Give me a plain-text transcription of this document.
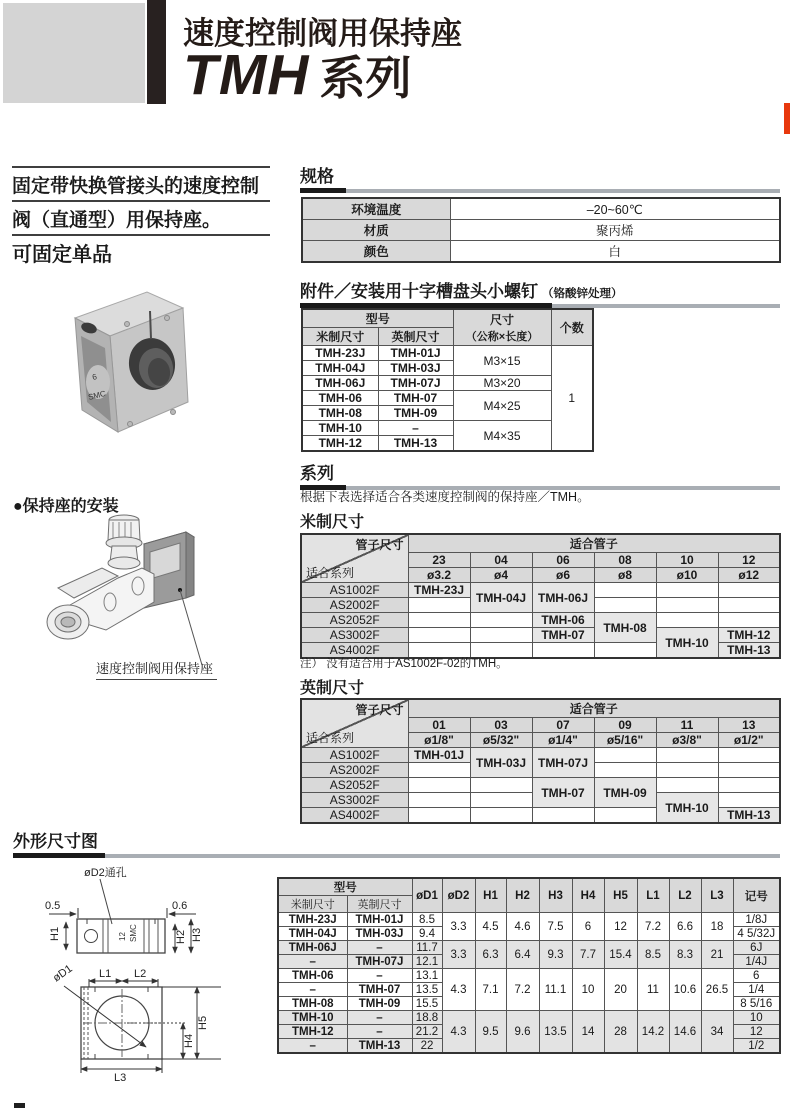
速度控制阀用保持座
TMH 系列
固定带快换管接头的速度控制
阀（直通型）用保持座。
可固定单品
6
SMC
●保持座的安装
速度控制阀用保持座
规格
环境温度	–20~60℃
材质	聚丙烯
颜色	白
附件／安装用十字槽盘头小螺钉 （铬酸锌处理）
型号		尺寸
（公称×长度）	个数
米制尺寸	英制尺寸		
TMH-23J	TMH-01J	M3×15	1
TMH-04J	TMH-03J		
TMH-06J	TMH-07J	M3×20	
TMH-06	TMH-07	M4×25	
TMH-08	TMH-09		
TMH-10	–	M4×35	
TMH-12	TMH-13		
系列
根据下表选择适合各类速度控制阀的保持座／TMH。
米制尺寸
管子尺寸
适合系列	适合管子					
	23	04	06	08	10	12
	ø3.2	ø4	ø6	ø8	ø10	ø12
AS1002F	TMH-23J	TMH-04J	TMH-06J			
AS2002F						
AS2052F			TMH-06	TMH-08		
AS3002F			TMH-07		TMH-10	TMH-12
AS4002F						TMH-13
注） 没有适合用于AS1002F-02的TMH。
英制尺寸
管子尺寸
适合系列	适合管子					
	01	03	07	09	11	13
	ø1/8"	ø5/32"	ø1/4"	ø5/16"	ø3/8"	ø1/2"
AS1002F	TMH-01J	TMH-03J	TMH-07J			
AS2002F						
AS2052F			TMH-07	TMH-09		
AS3002F					TMH-10	
AS4002F						TMH-13
外形尺寸图
øD2通孔
12 SMC
0.5	0.6
H1	H2 H3
øD1 L1 L2
H5
H4
L3
型号		øD1	øD2	H1	H2	H3	H4	H5	L1	L2	L3	记号
米制尺寸	英制尺寸											
TMH-23J	TMH-01J	8.5	3.3	4.5	4.6	7.5	6	12	7.2	6.6	18	1/8J
TMH-04J	TMH-03J	9.4										4 5/32J
TMH-06J	–	11.7	3.3	6.3	6.4	9.3	7.7	15.4	8.5	8.3	21	6J
–	TMH-07J	12.1										1/4J
TMH-06	–	13.1	4.3	7.1	7.2	11.1	10	20	11	10.6	26.5	6
–	TMH-07	13.5										1/4
TMH-08	TMH-09	15.5										8 5/16
TMH-10	–	18.8	4.3	9.5	9.6	13.5	14	28	14.2	14.6	34	10
TMH-12	–	21.2										12
–	TMH-13	22										1/2
